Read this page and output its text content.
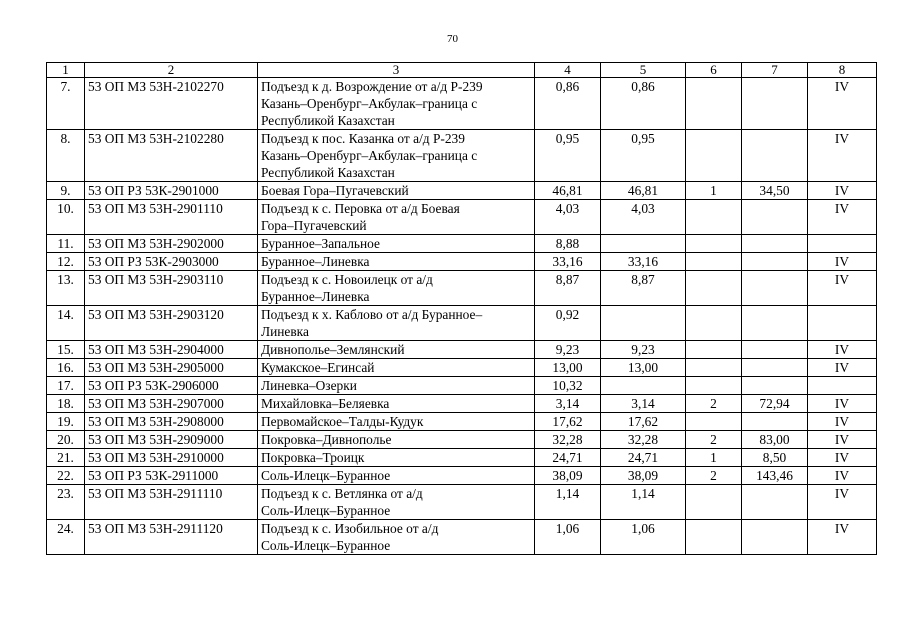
70
1	2	3	4	5	6	7	8
7.	53 ОП МЗ 53Н-2102270	Подъезд к д. Возрождение от а/д Р-239
Казань–Оренбург–Акбулак–граница с
Республикой Казахстан	0,86	0,86			IV
8.	53 ОП МЗ 53Н-2102280	Подъезд к пос. Казанка от а/д Р-239
Казань–Оренбург–Акбулак–граница с
Республикой Казахстан	0,95	0,95			IV
9.	53 ОП РЗ 53К-2901000	Боевая Гора–Пугачевский	46,81	46,81	1	34,50	IV
10.	53 ОП МЗ 53Н-2901110	Подъезд к с. Перовка от а/д Боевая
Гора–Пугачевский	4,03	4,03			IV
11.	53 ОП МЗ 53Н-2902000	Буранное–Запальное	8,88				
12.	53 ОП РЗ 53К-2903000	Буранное–Линевка	33,16	33,16			IV
13.	53 ОП МЗ 53Н-2903110	Подъезд к с. Новоилецк от а/д
Буранное–Линевка	8,87	8,87			IV
14.	53 ОП МЗ 53Н-2903120	Подъезд к х. Каблово от а/д Буранное–
Линевка	0,92				
15.	53 ОП МЗ 53Н-2904000	Дивнополье–Землянский	9,23	9,23			IV
16.	53 ОП МЗ 53Н-2905000	Кумакское–Егинсай	13,00	13,00			IV
17.	53 ОП РЗ 53К-2906000	Линевка–Озерки	10,32				
18.	53 ОП МЗ 53Н-2907000	Михайловка–Беляевка	3,14	3,14	2	72,94	IV
19.	53 ОП МЗ 53Н-2908000	Первомайское–Талды-Кудук	17,62	17,62			IV
20.	53 ОП МЗ 53Н-2909000	Покровка–Дивнополье	32,28	32,28	2	83,00	IV
21.	53 ОП МЗ 53Н-2910000	Покровка–Троицк	24,71	24,71	1	8,50	IV
22.	53 ОП РЗ 53К-2911000	Соль-Илецк–Буранное	38,09	38,09	2	143,46	IV
23.	53 ОП МЗ 53Н-2911110	Подъезд к с. Ветлянка от а/д
Соль-Илецк–Буранное	1,14	1,14			IV
24.	53 ОП МЗ 53Н-2911120	Подъезд к с. Изобильное от а/д
Соль-Илецк–Буранное	1,06	1,06			IV
